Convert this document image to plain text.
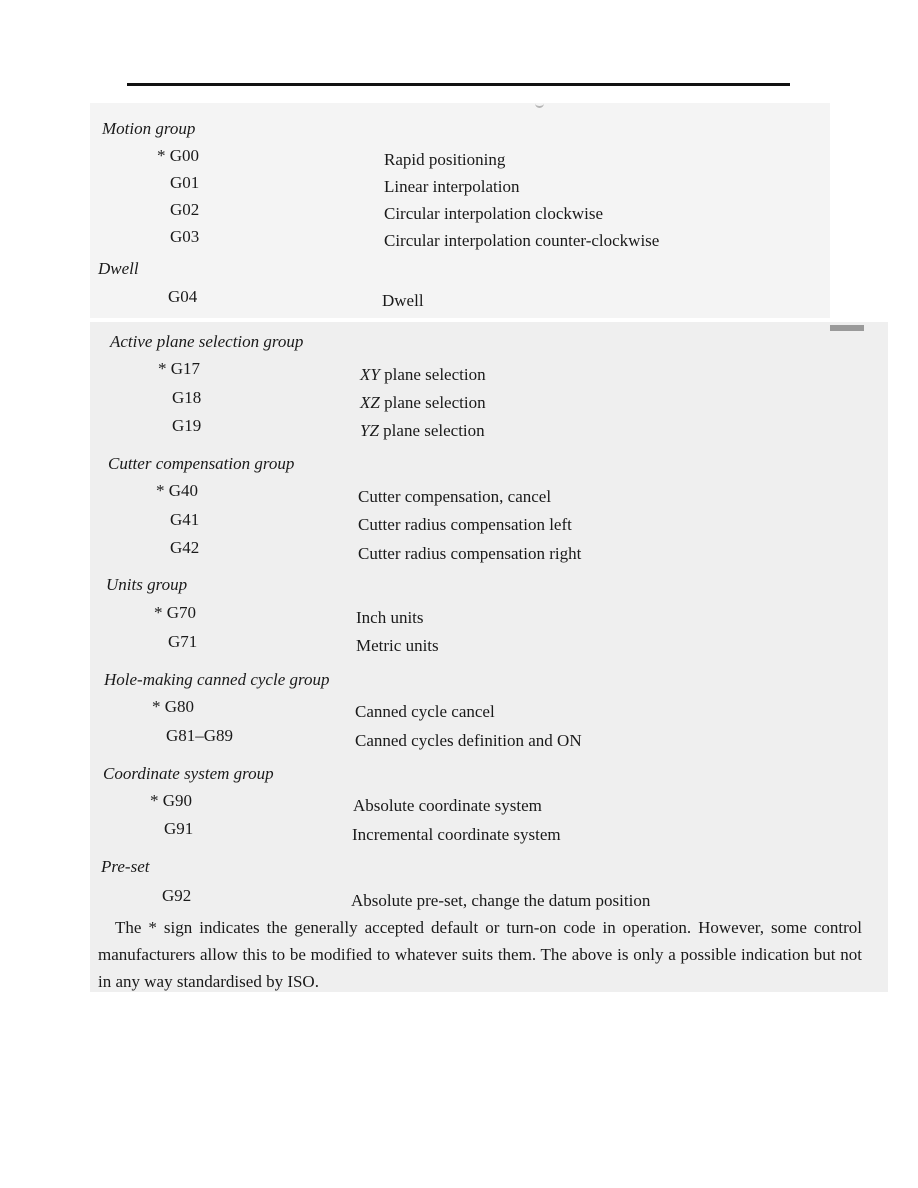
Motion group
* G00	Rapid positioning
G01	Linear interpolation
G02	Circular interpolation clockwise
G03	Circular interpolation counter-clockwise
Dwell
G04	Dwell
Active plane selection group
* G17	XY plane selection
G18	XZ plane selection
G19	YZ plane selection
Cutter compensation group
* G40	Cutter compensation, cancel
G41	Cutter radius compensation left
G42	Cutter radius compensation right
Units group
* G70	Inch units
G71	Metric units
Hole-making canned cycle group
* G80	Canned cycle cancel
G81–G89	Canned cycles definition and ON
Coordinate system group
* G90	Absolute coordinate system
G91	Incremental coordinate system
Pre-set
G92	Absolute pre-set, change the datum position
The * sign indicates the generally accepted default or turn-on code in operation. However, some control manufacturers allow this to be modified to whatever suits them. The above is only a possible indication but not in any way standardised by ISO.
